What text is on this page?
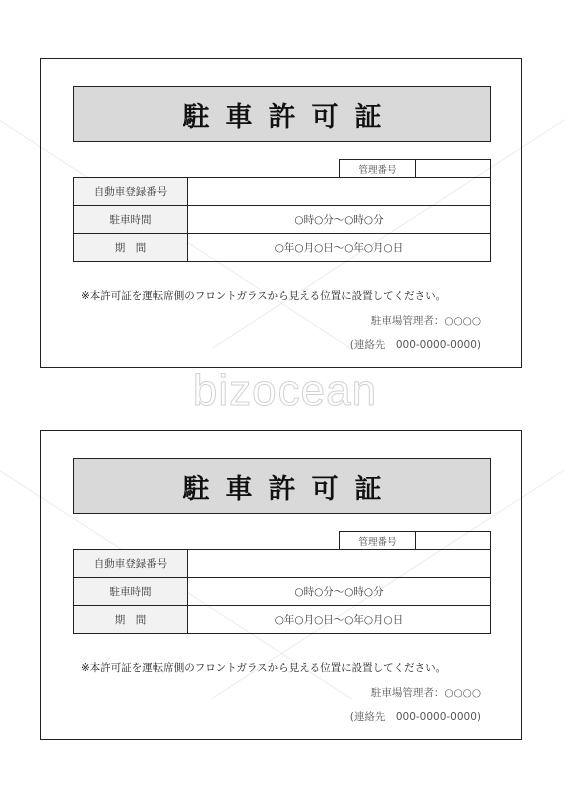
bizocean
駐車許可証
管理番号
自動車登録番号	
駐車時間	○時○分～○時○分
期　間	○年○月○日～○年○月○日
※本許可証を運転席側のフロントガラスから見える位置に設置してください。
駐車場管理者：○○○○
(連絡先　000-0000-0000)
駐車許可証
管理番号
自動車登録番号	
駐車時間	○時○分～○時○分
期　間	○年○月○日～○年○月○日
※本許可証を運転席側のフロントガラスから見える位置に設置してください。
駐車場管理者：○○○○
(連絡先　000-0000-0000)
